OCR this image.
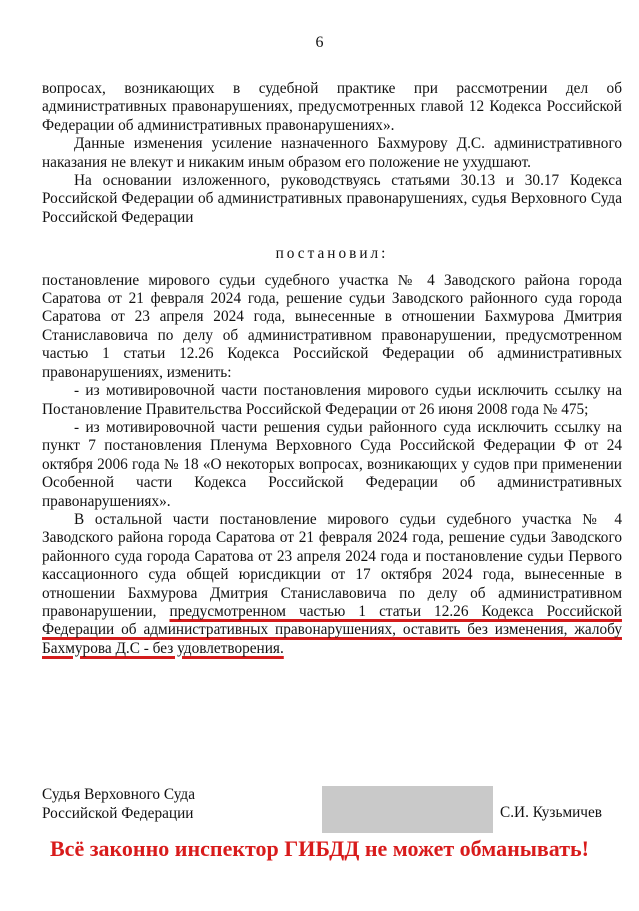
6

вопросах, возникающих в судебной практике при рассмотрении дел об административных правонарушениях, предусмотренных главой 12 Кодекса Российской Федерации об административных правонарушениях».

Данные изменения усиление назначенного Бахмурову Д.С. административного наказания не влекут и никаким иным образом его положение не ухудшают.

На основании изложенного, руководствуясь статьями 30.13 и 30.17 Кодекса Российской Федерации об административных правонарушениях, судья Верховного Суда Российской Федерации

постановил:

постановление мирового судьи судебного участка № 4 Заводского района города Саратова от 21 февраля 2024 года, решение судьи Заводского районного суда города Саратова от 23 апреля 2024 года, вынесенные в отношении Бахмурова Дмитрия Станиславовича по делу об административном правонарушении, предусмотренном частью 1 статьи 12.26 Кодекса Российской Федерации об административных правонарушениях, изменить:

- из мотивировочной части постановления мирового судьи исключить ссылку на Постановление Правительства Российской Федерации от 26 июня 2008 года № 475;

- из мотивировочной части решения судьи районного суда исключить ссылку на пункт 7 постановления Пленума Верховного Суда Российской Федерации Ф от 24 октября 2006 года № 18 «О некоторых вопросах, возникающих у судов при применении Особенной части Кодекса Российской Федерации об административных правонарушениях».

В остальной части постановление мирового судьи судебного участка № 4 Заводского района города Саратова от 21 февраля 2024 года, решение судьи Заводского районного суда города Саратова от 23 апреля 2024 года и постановление судьи Первого кассационного суда общей юрисдикции от 17 октября 2024 года, вынесенные в отношении Бахмурова Дмитрия Станиславовича по делу об административном правонарушении, предусмотренном частью 1 статьи 12.26 Кодекса Российской Федерации об административных правонарушениях, оставить без изменения, жалобу Бахмурова Д.С - без удовлетворения.

Судья Верховного Суда
Российской Федерации	С.И. Кузьмичев
Всё законно инспектор ГИБДД не может обманывать!
